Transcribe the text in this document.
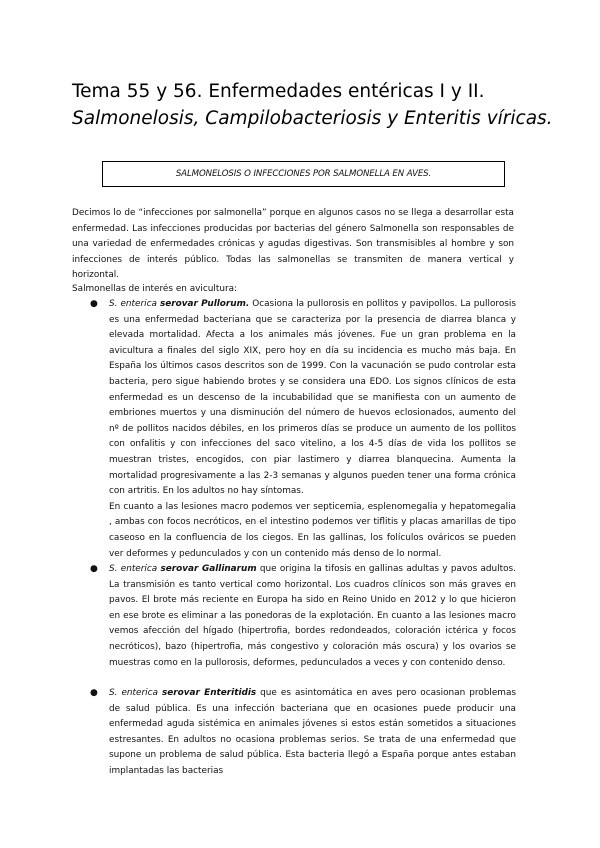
Tema 55 y 56. Enfermedades entéricas I y II.
Salmonelosis, Campilobacteriosis y Enteritis víricas.
SALMONELOSIS O INFECCIONES POR SALMONELLA EN AVES.

Decimos lo de “infecciones por salmonella” porque en algunos casos no se llega a desarrollar esta enfermedad. Las infecciones producidas por bacterias del género Salmonella son responsables de una variedad de enfermedades crónicas y agudas digestivas. Son transmisibles al hombre y son infecciones de interés público. Todas las salmonellas se transmiten de manera vertical y horizontal.

Salmonellas de interés en avicultura:

● S. enterica serovar Pullorum. Ocasiona la pullorosis en pollitos y pavipollos. La pullorosis es una enfermedad bacteriana que se caracteriza por la presencia de diarrea blanca y elevada mortalidad. Afecta a los animales más jóvenes. Fue un gran problema en la avicultura a finales del siglo XIX, pero hoy en día su incidencia es mucho más baja. En España los últimos casos descritos son de 1999. Con la vacunación se pudo controlar esta bacteria, pero sigue habiendo brotes y se considera una EDO. Los signos clínicos de esta enfermedad es un descenso de la incubabilidad que se manifiesta con un aumento de embriones muertos y una disminución del número de huevos eclosionados, aumento del nº de pollitos nacidos débiles, en los primeros días se produce un aumento de los pollitos con onfalitis y con infecciones del saco vitelino, a los 4-5 días de vida los pollitos se muestran tristes, encogidos, con piar lastimero y diarrea blanquecina. Aumenta la mortalidad progresivamente a las 2-3 semanas y algunos pueden tener una forma crónica con artritis. En los adultos no hay síntomas.

En cuanto a las lesiones macro podemos ver septicemia, esplenomegalia y hepatomegalia , ambas con focos necróticos, en el intestino podemos ver tiflitis y placas amarillas de tipo caseoso en la confluencia de los ciegos. En las gallinas, los folículos ováricos se pueden ver deformes y pedunculados y con un contenido más denso de lo normal.

● S. enterica serovar Gallinarum que origina la tifosis en gallinas adultas y pavos adultos. La transmisión es tanto vertical como horizontal. Los cuadros clínicos son más graves en pavos. El brote más reciente en Europa ha sido en Reino Unido en 2012 y lo que hicieron en ese brote es eliminar a las ponedoras de la explotación. En cuanto a las lesiones macro vemos afección del hígado (hipertrofia, bordes redondeados, coloración ictérica y focos necróticos), bazo (hipertrofia, más congestivo y coloración más oscura) y los ovarios se muestras como en la pullorosis, deformes, pedunculados a veces y con contenido denso.

● S. enterica serovar Enteritidis que es asintomática en aves pero ocasionan problemas de salud pública. Es una infección bacteriana que en ocasiones puede producir una enfermedad aguda sistémica en animales jóvenes si estos están sometidos a situaciones estresantes. En adultos no ocasiona problemas serios. Se trata de una enfermedad que supone un problema de salud pública. Esta bacteria llegó a España porque antes estaban implantadas las bacterias
